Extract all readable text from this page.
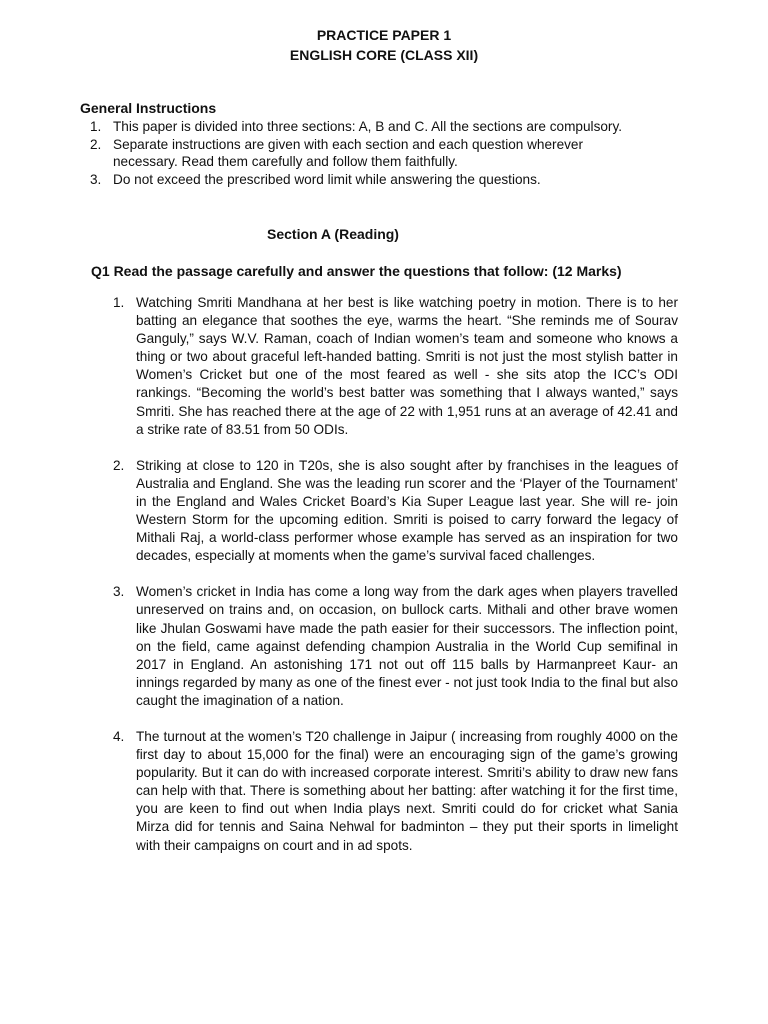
PRACTICE PAPER 1
ENGLISH CORE (CLASS XII)
General Instructions
1. This paper is divided into three sections: A, B and C. All the sections are compulsory.
2. Separate instructions are given with each section and each question wherever necessary. Read them carefully and follow them faithfully.
3. Do not exceed the prescribed word limit while answering the questions.
Section A (Reading)
Q1 Read the passage carefully and answer the questions that follow: (12 Marks)
1. Watching Smriti Mandhana at her best is like watching poetry in motion. There is to her batting an elegance that soothes the eye, warms the heart. “She reminds me of Sourav Ganguly,” says W.V. Raman, coach of Indian women’s team and someone who knows a thing or two about graceful left-handed batting. Smriti is not just the most stylish batter in Women’s Cricket but one of the most feared as well - she sits atop the ICC’s ODI rankings. “Becoming the world’s best batter was something that I always wanted,” says Smriti. She has reached there at the age of 22 with 1,951 runs at an average of 42.41 and a strike rate of 83.51 from 50 ODIs.
2. Striking at close to 120 in T20s, she is also sought after by franchises in the leagues of Australia and England. She was the leading run scorer and the ‘Player of the Tournament’ in the England and Wales Cricket Board’s Kia Super League last year. She will re- join Western Storm for the upcoming edition. Smriti is poised to carry forward the legacy of Mithali Raj, a world-class performer whose example has served as an inspiration for two decades, especially at moments when the game’s survival faced challenges.
3. Women’s cricket in India has come a long way from the dark ages when players travelled unreserved on trains and, on occasion, on bullock carts. Mithali and other brave women like Jhulan Goswami have made the path easier for their successors. The inflection point, on the field, came against defending champion Australia in the World Cup semifinal in 2017 in England. An astonishing 171 not out off 115 balls by Harmanpreet Kaur- an innings regarded by many as one of the finest ever - not just took India to the final but also caught the imagination of a nation.
4. The turnout at the women’s T20 challenge in Jaipur ( increasing from roughly 4000 on the first day to about 15,000 for the final) were an encouraging sign of the game’s growing popularity. But it can do with increased corporate interest. Smriti’s ability to draw new fans can help with that. There is something about her batting: after watching it for the first time, you are keen to find out when India plays next. Smriti could do for cricket what Sania Mirza did for tennis and Saina Nehwal for badminton – they put their sports in limelight with their campaigns on court and in ad spots.
